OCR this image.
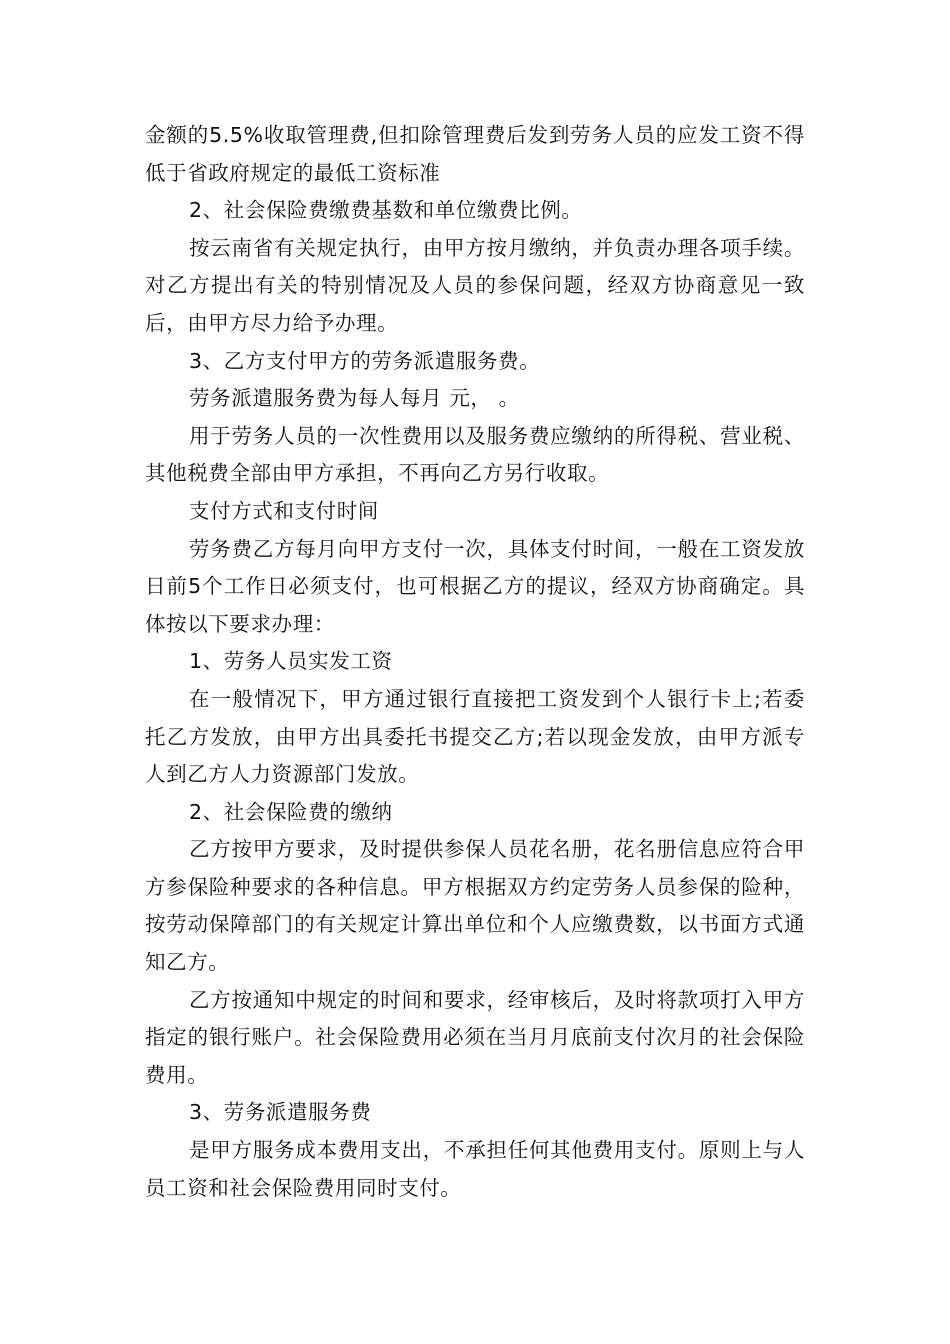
金额的5.5%收取管理费,但扣除管理费后发到劳务人员的应发工资不得低于省政府规定的最低工资标准

2、社会保险费缴费基数和单位缴费比例。

按云南省有关规定执行，由甲方按月缴纳，并负责办理各项手续。对乙方提出有关的特别情况及人员的参保问题，经双方协商意见一致后，由甲方尽力给予办理。

3、乙方支付甲方的劳务派遣服务费。

劳务派遣服务费为每人每月 元， 。

用于劳务人员的一次性费用以及服务费应缴纳的所得税、营业税、其他税费全部由甲方承担，不再向乙方另行收取。

支付方式和支付时间

劳务费乙方每月向甲方支付一次，具体支付时间，一般在工资发放日前5个工作日必须支付，也可根据乙方的提议，经双方协商确定。具体按以下要求办理：

1、劳务人员实发工资

在一般情况下，甲方通过银行直接把工资发到个人银行卡上;若委托乙方发放，由甲方出具委托书提交乙方;若以现金发放，由甲方派专人到乙方人力资源部门发放。

2、社会保险费的缴纳

乙方按甲方要求，及时提供参保人员花名册，花名册信息应符合甲方参保险种要求的各种信息。甲方根据双方约定劳务人员参保的险种，按劳动保障部门的有关规定计算出单位和个人应缴费数，以书面方式通知乙方。

乙方按通知中规定的时间和要求，经审核后，及时将款项打入甲方指定的银行账户。社会保险费用必须在当月月底前支付次月的社会保险费用。

3、劳务派遣服务费

是甲方服务成本费用支出，不承担任何其他费用支付。原则上与人员工资和社会保险费用同时支付。
